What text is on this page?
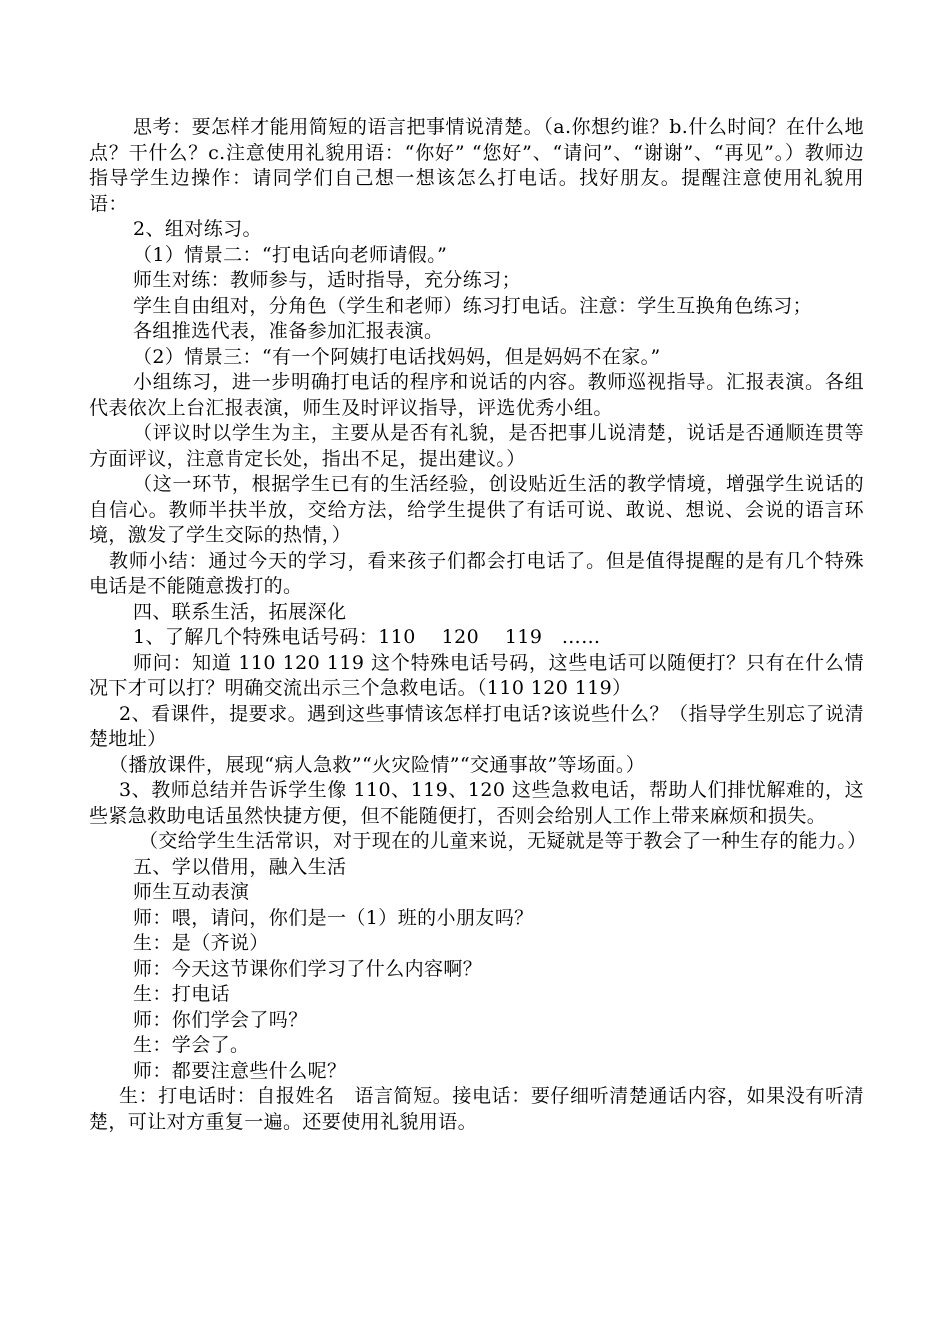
思考：要怎样才能用简短的语言把事情说清楚。（a.你想约谁？b.什么时间？在什么地点？干什么？c.注意使用礼貌用语：“你好” “您好”、“请问”、“谢谢”、“再见”。）教师边指导学生边操作：请同学们自己想一想该怎么打电话。找好朋友。提醒注意使用礼貌用语：

2、组对练习。

（1）情景二：“打电话向老师请假。”

师生对练：教师参与，适时指导，充分练习；

学生自由组对，分角色（学生和老师）练习打电话。注意：学生互换角色练习；

各组推选代表，准备参加汇报表演。

（2）情景三：“有一个阿姨打电话找妈妈，但是妈妈不在家。”

小组练习，进一步明确打电话的程序和说话的内容。教师巡视指导。汇报表演。各组代表依次上台汇报表演，师生及时评议指导，评选优秀小组。

（评议时以学生为主，主要从是否有礼貌，是否把事儿说清楚，说话是否通顺连贯等方面评议，注意肯定长处，指出不足，提出建议。）

（这一环节，根据学生已有的生活经验，创设贴近生活的教学情境，增强学生说话的自信心。教师半扶半放，交给方法，给学生提供了有话可说、敢说、想说、会说的语言环境，激发了学生交际的热情，）

教师小结：通过今天的学习，看来孩子们都会打电话了。但是值得提醒的是有几个特殊电话是不能随意拨打的。

四、联系生活，拓展深化

1、了解几个特殊电话号码：110　 120　 119　……

师问：知道 110 120 119 这个特殊电话号码，这些电话可以随便打？只有在什么情况下才可以打？明确交流出示三个急救电话。（110 120 119）

2、看课件，提要求。遇到这些事情该怎样打电话?该说些什么？（指导学生别忘了说清楚地址）

（播放课件，展现“病人急救”“火灾险情”“交通事故”等场面。）

3、教师总结并告诉学生像 110、119、120 这些急救电话，帮助人们排忧解难的，这些紧急救助电话虽然快捷方便，但不能随便打，否则会给别人工作上带来麻烦和损失。

（交给学生生活常识，对于现在的儿童来说，无疑就是等于教会了一种生存的能力。）

五、学以借用，融入生活

师生互动表演

师：喂，请问，你们是一（1）班的小朋友吗？

生：是（齐说）

师：今天这节课你们学习了什么内容啊？

生：打电话

师：你们学会了吗？

生：学会了。

师：都要注意些什么呢？

生：打电话时：自报姓名　语言简短。接电话：要仔细听清楚通话内容，如果没有听清楚，可让对方重复一遍。还要使用礼貌用语。
